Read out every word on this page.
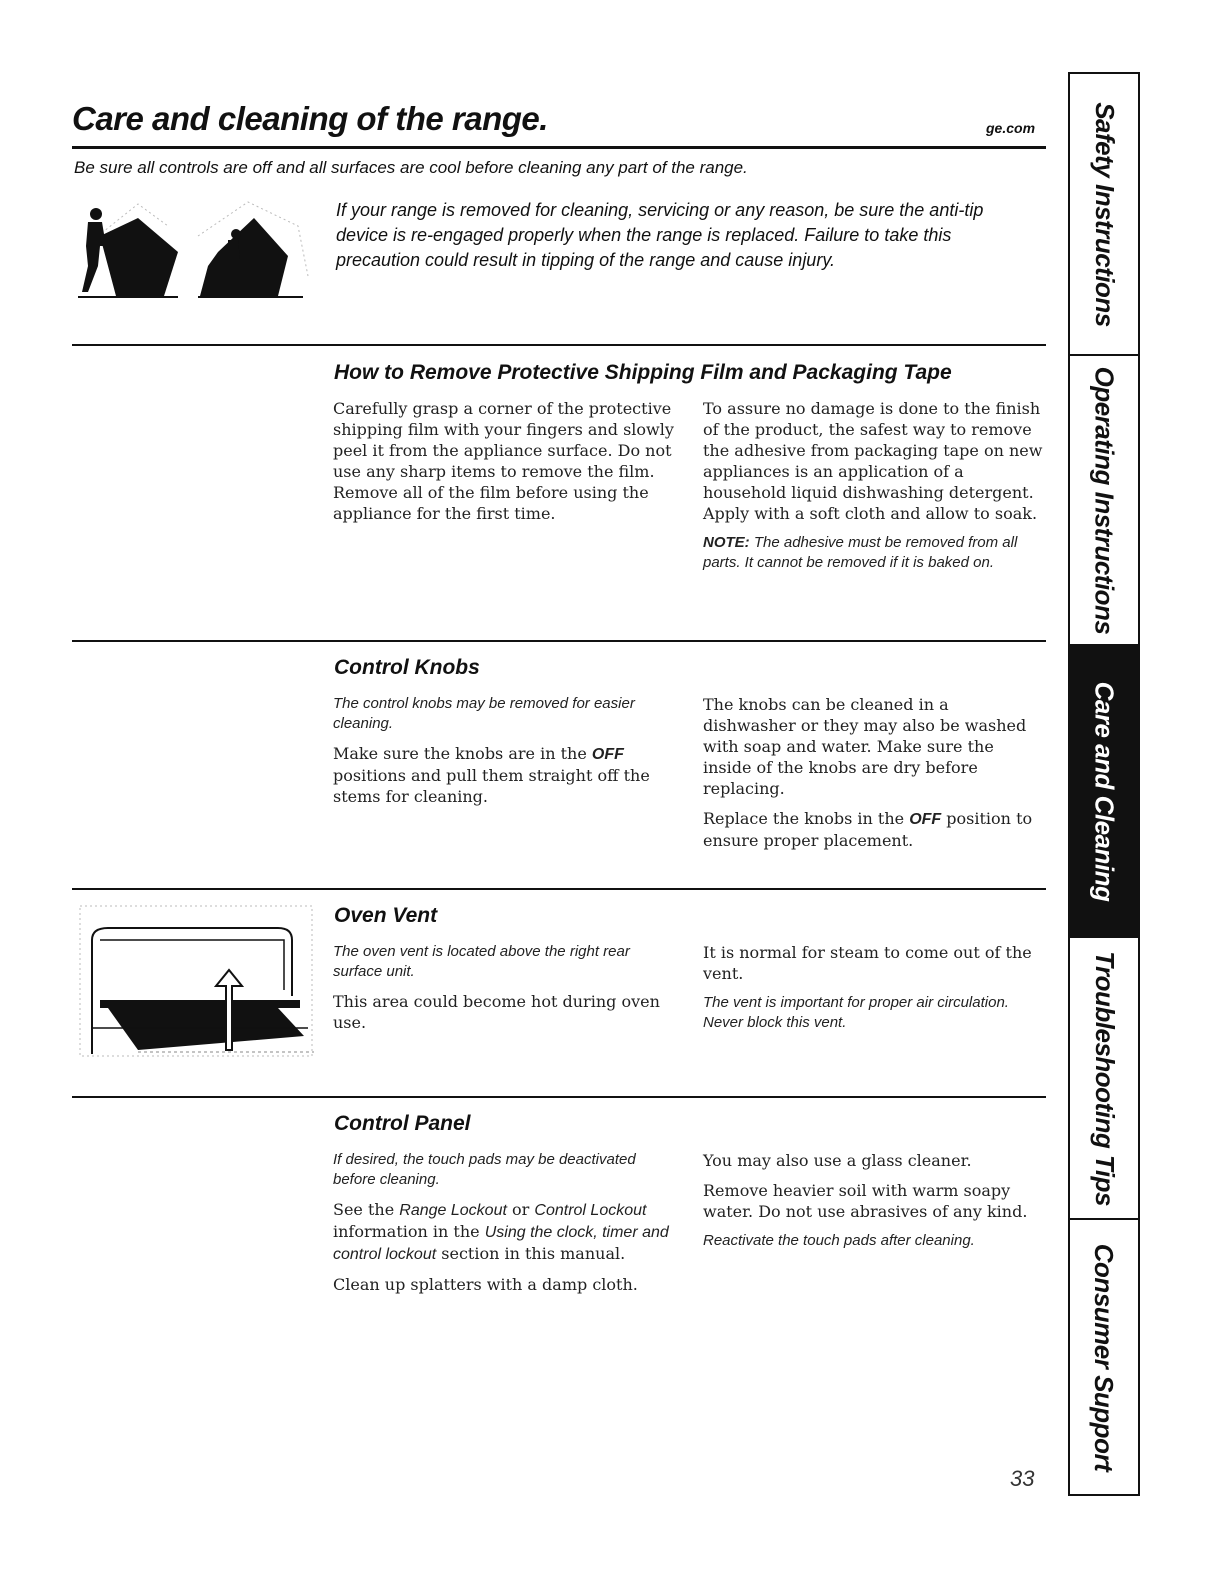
Care and cleaning of the range.	ge.com
Be sure all controls are off and all surfaces are cool before cleaning any part of the range.
If your range is removed for cleaning, servicing or any reason, be sure the anti-tip device is re-engaged properly when the range is replaced. Failure to take this precaution could result in tipping of the range and cause injury.
How to Remove Protective Shipping Film and Packaging Tape

Carefully grasp a corner of the protective shipping film with your fingers and slowly peel it from the appliance surface. Do not use any sharp items to remove the film. Remove all of the film before using the appliance for the first time.

To assure no damage is done to the finish of the product, the safest way to remove the adhesive from packaging tape on new appliances is an application of a household liquid dishwashing detergent. Apply with a soft cloth and allow to soak.

NOTE: The adhesive must be removed from all parts. It cannot be removed if it is baked on.

Control Knobs

The control knobs may be removed for easier cleaning.

Make sure the knobs are in the OFF positions and pull them straight off the stems for cleaning.

The knobs can be cleaned in a dishwasher or they may also be washed with soap and water. Make sure the inside of the knobs are dry before replacing.

Replace the knobs in the OFF position to ensure proper placement.

Oven Vent

The oven vent is located above the right rear surface unit.

This area could become hot during oven use.

It is normal for steam to come out of the vent.

The vent is important for proper air circulation. Never block this vent.

Control Panel

If desired, the touch pads may be deactivated before cleaning.

See the Range Lockout or Control Lockout information in the Using the clock, timer and control lockout section in this manual.

Clean up splatters with a damp cloth.

You may also use a glass cleaner.

Remove heavier soil with warm soapy water. Do not use abrasives of any kind.

Reactivate the touch pads after cleaning.

33
Safety Instructions
Operating Instructions
Care and Cleaning
Troubleshooting Tips
Consumer Support
